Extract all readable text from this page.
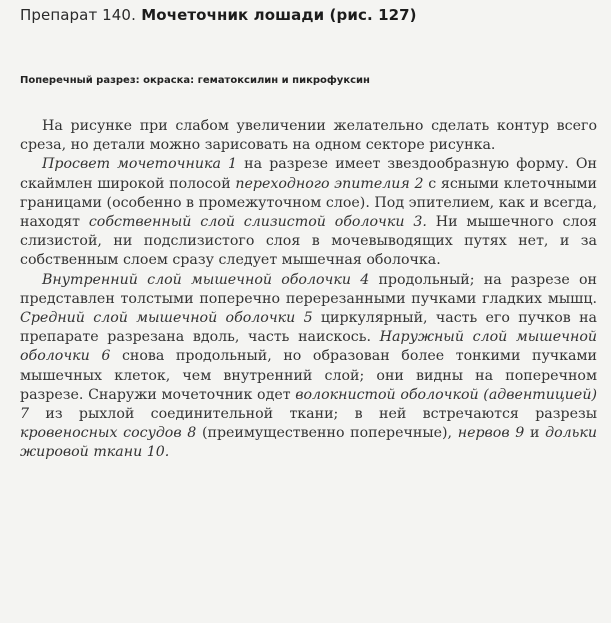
Препарат 140. Мочеточник лошади (рис. 127)
Поперечный разрез: окраска: гематоксилин и пикрофуксин

На рисунке при слабом увеличении желательно сделать контур всего среза, но детали можно зарисовать на одном секторе рисунка.

Просвет мочеточника 1 на разрезе имеет звездообразную форму. Он скаймлен широкой полосой переходного эпителия 2 с ясными клеточными границами (особенно в промежуточном слое). Под эпителием, как и всегда, находят собственный слой слизистой оболочки 3. Ни мышечного слоя слизистой, ни подслизистого слоя в мочевыводящих путях нет, и за собственным слоем сразу следует мышечная оболочка.

Внутренний слой мышечной оболочки 4 продольный; на разрезе он представлен толстыми поперечно перерезанными пучками гладких мышц. Средний слой мышечной оболочки 5 циркулярный, часть его пучков на препарате разрезана вдоль, часть наискось. Наружный слой мышечной оболочки 6 снова продольный, но образован более тонкими пучками мышечных клеток, чем внутренний слой; они видны на поперечном разрезе. Снаружи мочеточник одет волокнистой оболочкой (адвентицией) 7 из рыхлой соединительной ткани; в ней встречаются разрезы кровеносных сосудов 8 (преимущественно поперечные), нервов 9 и дольки жировой ткани 10.
